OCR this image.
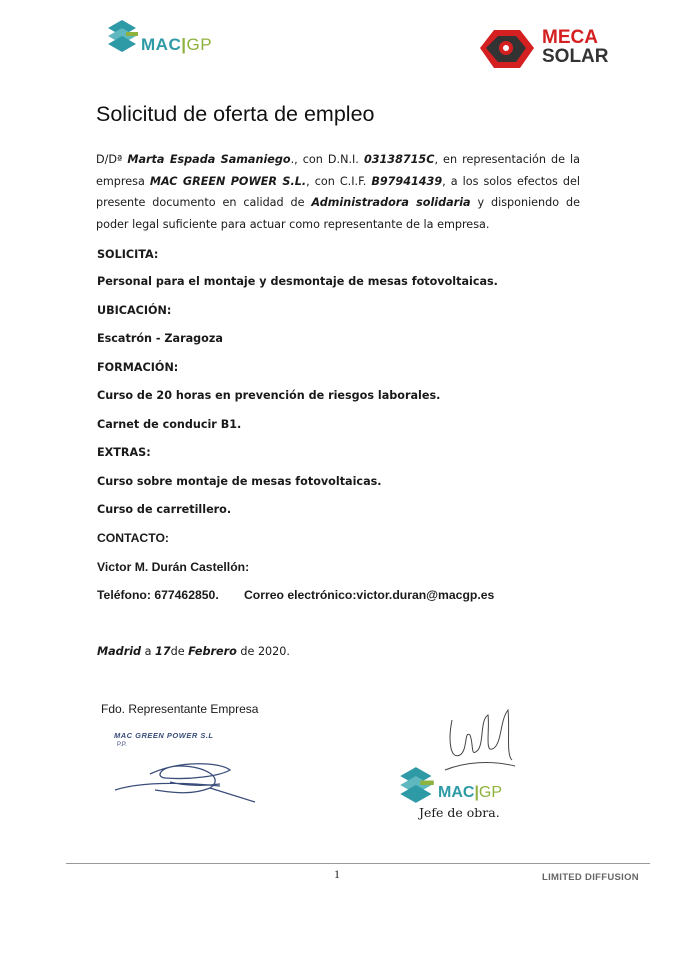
MAC|GP	MECA
SOLAR
Solicitud de oferta de empleo
D/Dª Marta Espada Samaniego., con D.N.I. 03138715C, en representación de la empresa MAC GREEN POWER S.L., con C.I.F. B97941439, a los solos efectos del presente documento en calidad de Administradora solidaria y disponiendo de poder legal suficiente para actuar como representante de la empresa.
SOLICITA:
Personal para el montaje y desmontaje de mesas fotovoltaicas.
UBICACIÓN:
Escatrón - Zaragoza
FORMACIÓN:
Curso de 20 horas en prevención de riesgos laborales.
Carnet de conducir B1.
EXTRAS:
Curso sobre montaje de mesas fotovoltaicas.
Curso de carretillero.
CONTACTO:
Victor M. Durán Castellón:
Teléfono: 677462850. Correo electrónico:victor.duran@macgp.es
Madrid a 17de Febrero de 2020.
Fdo. Representante Empresa
MAC GREEN POWER S.L
P.P.
MAC|GP
Jefe de obra.
1	LIMITED DIFFUSION
